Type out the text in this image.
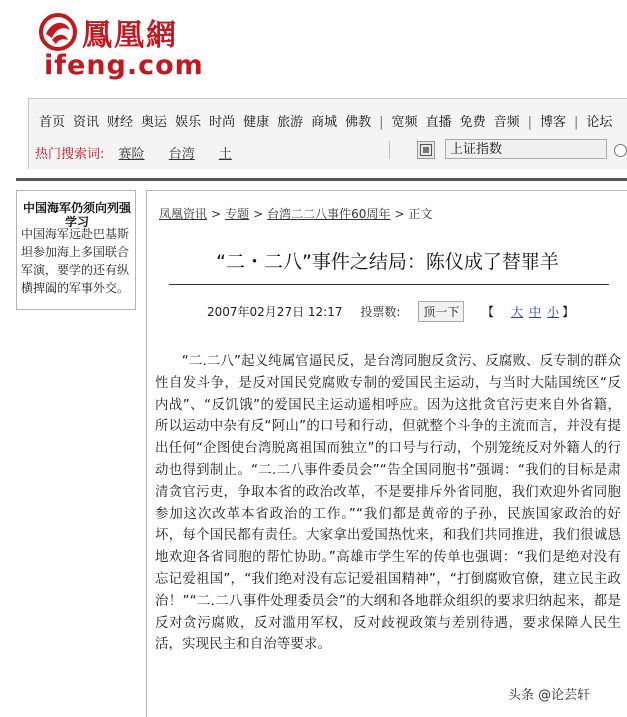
鳳凰網
ifeng.com
首页 资讯 财经 奥运 娱乐 时尚 健康 旅游 商城 佛教 | 宽频 直播 免费 音频 | 博客 | 论坛
热门搜索词: 赛险 台湾 土	上证指数
中国海军仍须向列强学习
中国海军远赴巴基斯坦参加海上多国联合军演，要学的还有纵横捭阖的军事外交。
凤凰资讯 > 专题 > 台湾二二八事件60周年 > 正文
“二・二八”事件之结局：陈仪成了替罪羊
2007年02月27日 12:17 投票数: 顶一下 【 大 中 小 】

“二.二八”起义纯属官逼民反，是台湾同胞反贪污、反腐败、反专制的群众性自发斗争，是反对国民党腐败专制的爱国民主运动，与当时大陆国统区“反内战”、“反饥饿”的爱国民主运动遥相呼应。因为这批贪官污吏来自外省籍，所以运动中杂有反“阿山”的口号和行动，但就整个斗争的主流而言，并没有提出任何“企图使台湾脱离祖国而独立”的口号与行动，个别笼统反对外籍人的行动也得到制止。“二.二八事件委员会”“告全国同胞书”强调：“我们的目标是肃清贪官污吏，争取本省的政治改革，不是要排斥外省同胞，我们欢迎外省同胞参加这次改革本省政治的工作。”“我们都是黄帝的子孙，民族国家政治的好坏，每个国民都有责任。大家拿出爱国热忱来，和我们共同推进，我们很诚恳地欢迎各省同胞的帮忙协助。”高雄市学生军的传单也强调：“我们是绝对没有忘记爱祖国”，“我们绝对没有忘记爱祖国精神”，“打倒腐败官僚，建立民主政治！”“二.二八事件处理委员会”的大纲和各地群众组织的要求归纳起来，都是反对贪污腐败，反对滥用军权，反对歧视政策与差别待遇，要求保障人民生活，实现民主和自治等要求。

头条 @论芸轩
